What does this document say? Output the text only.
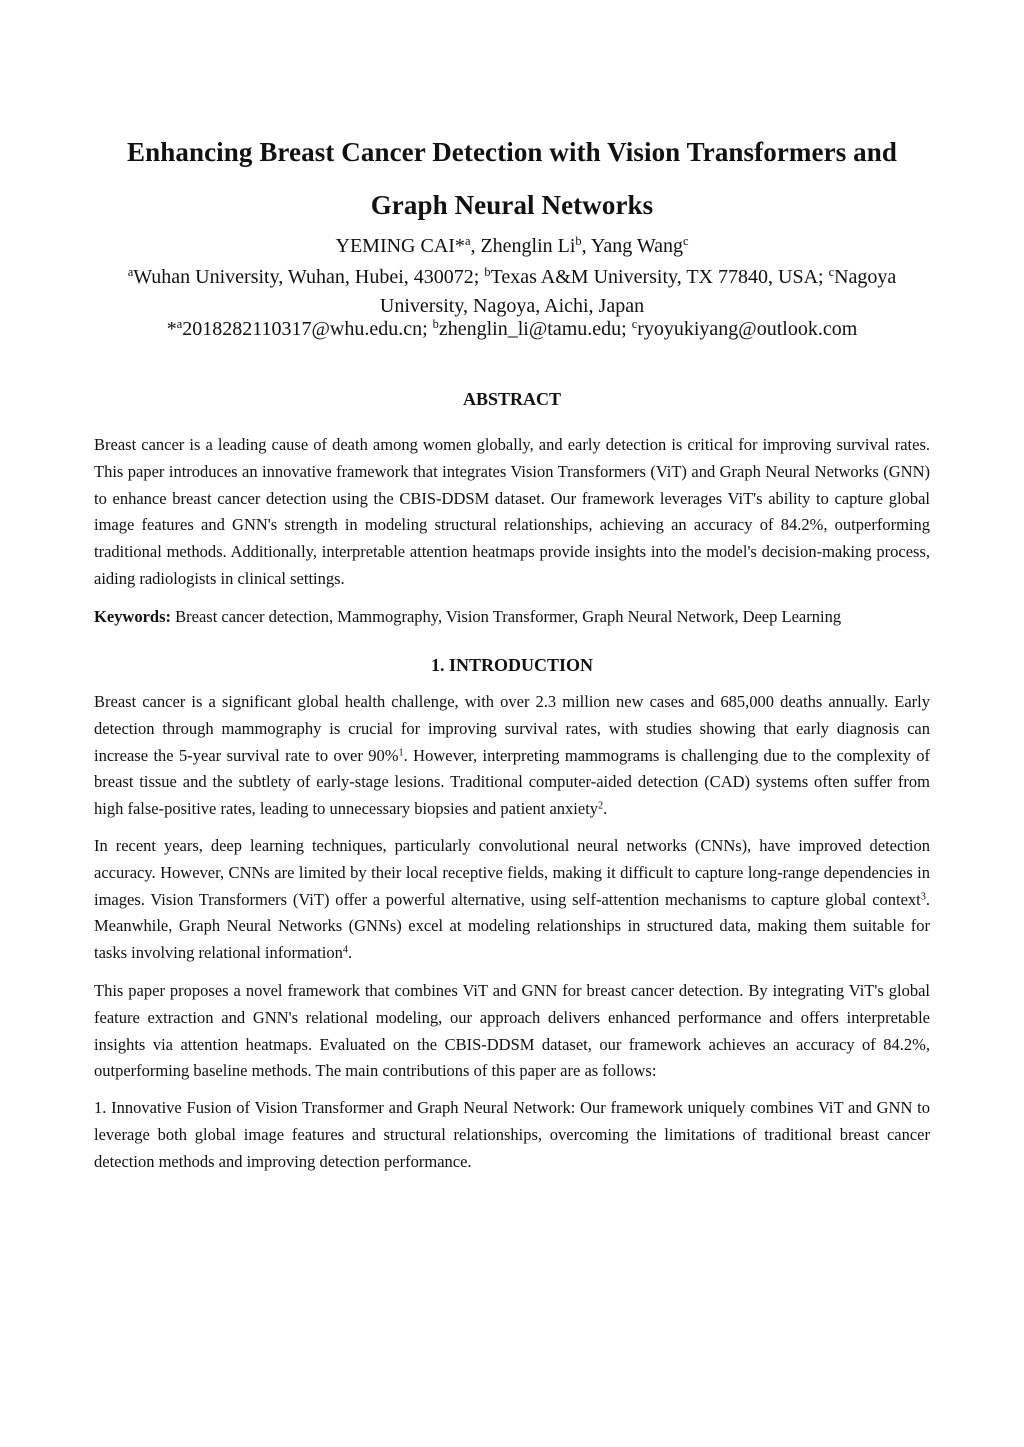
Enhancing Breast Cancer Detection with Vision Transformers and
Graph Neural Networks
YEMING CAI*$^a$, Zhenglin Li$^b$, Yang Wang$^c$
$^a$Wuhan University, Wuhan, Hubei, 430072; $^b$Texas A&M University, TX 77840, USA; $^c$Nagoya University, Nagoya, Aichi, Japan
*$^a$2018282110317@whu.edu.cn; $^b$zhenglin_li@tamu.edu; $^c$ryoyukiyang@outlook.com
ABSTRACT
Breast cancer is a leading cause of death among women globally, and early detection is critical for improving survival rates. This paper introduces an innovative framework that integrates Vision Transformers (ViT) and Graph Neural Networks (GNN) to enhance breast cancer detection using the CBIS-DDSM dataset. Our framework leverages ViT's ability to capture global image features and GNN's strength in modeling structural relationships, achieving an accuracy of 84.2%, outperforming traditional methods. Additionally, interpretable attention heatmaps provide insights into the model's decision-making process, aiding radiologists in clinical settings.
Keywords: Breast cancer detection, Mammography, Vision Transformer, Graph Neural Network, Deep Learning
1. INTRODUCTION
Breast cancer is a significant global health challenge, with over 2.3 million new cases and 685,000 deaths annually. Early detection through mammography is crucial for improving survival rates, with studies showing that early diagnosis can increase the 5-year survival rate to over 90%$^1$. However, interpreting mammograms is challenging due to the complexity of breast tissue and the subtlety of early-stage lesions. Traditional computer-aided detection (CAD) systems often suffer from high false-positive rates, leading to unnecessary biopsies and patient anxiety$^2$.
In recent years, deep learning techniques, particularly convolutional neural networks (CNNs), have improved detection accuracy. However, CNNs are limited by their local receptive fields, making it difficult to capture long-range dependencies in images. Vision Transformers (ViT) offer a powerful alternative, using self-attention mechanisms to capture global context$^3$. Meanwhile, Graph Neural Networks (GNNs) excel at modeling relationships in structured data, making them suitable for tasks involving relational information$^4$.
This paper proposes a novel framework that combines ViT and GNN for breast cancer detection. By integrating ViT's global feature extraction and GNN's relational modeling, our approach delivers enhanced performance and offers interpretable insights via attention heatmaps. Evaluated on the CBIS-DDSM dataset, our framework achieves an accuracy of 84.2%, outperforming baseline methods. The main contributions of this paper are as follows:
1. Innovative Fusion of Vision Transformer and Graph Neural Network: Our framework uniquely combines ViT and GNN to leverage both global image features and structural relationships, overcoming the limitations of traditional breast cancer detection methods and improving detection performance.
